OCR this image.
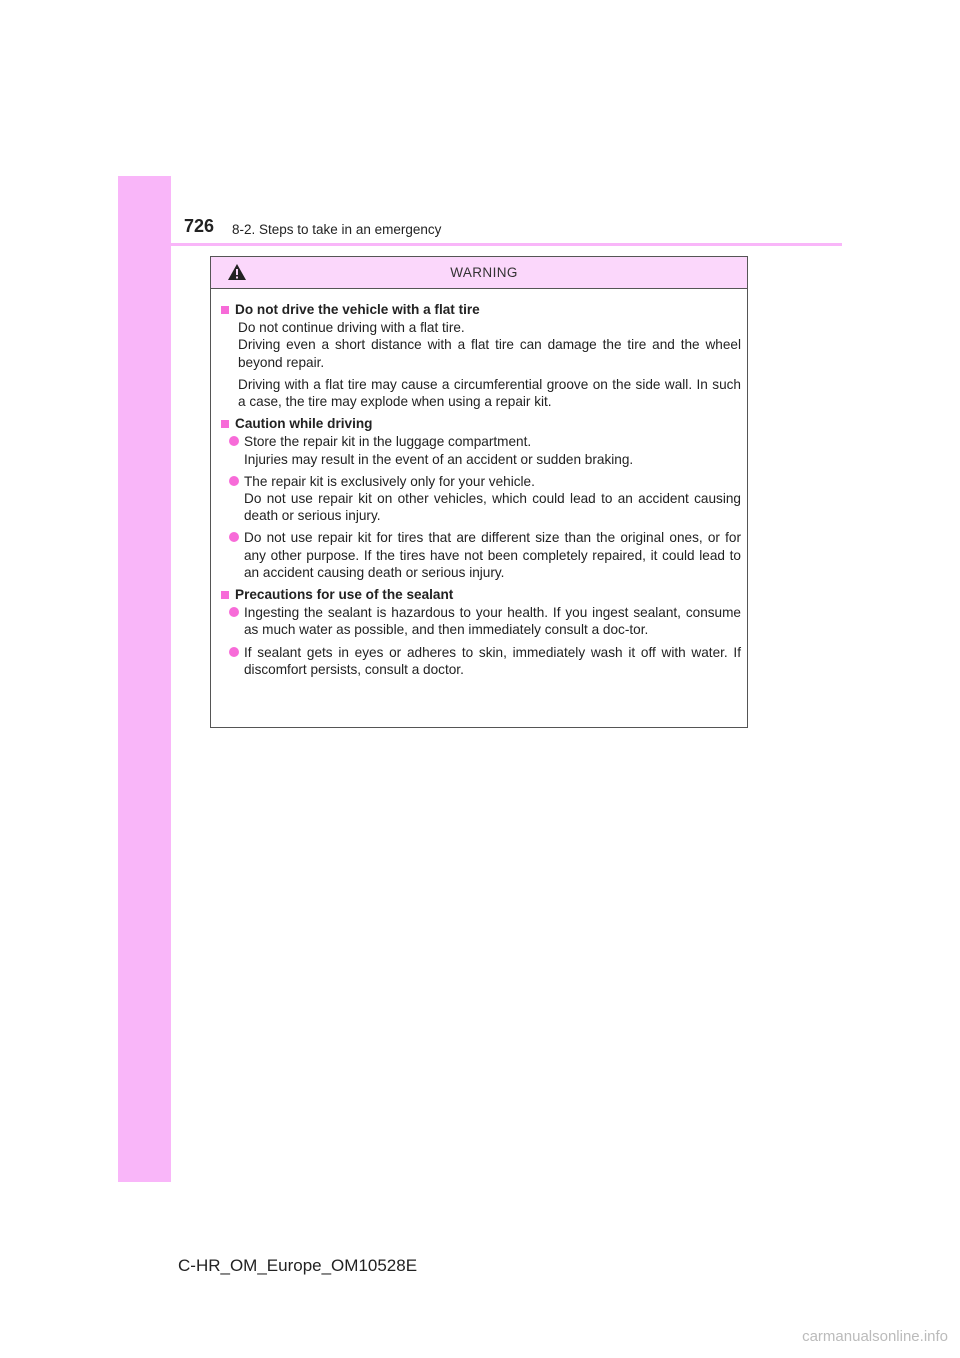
726 8-2. Steps to take in an emergency
WARNING
Do not drive the vehicle with a flat tire
Do not continue driving with a flat tire.
Driving even a short distance with a flat tire can damage the tire and the wheel beyond repair.
Driving with a flat tire may cause a circumferential groove on the side wall. In such a case, the tire may explode when using a repair kit.
Caution while driving
Store the repair kit in the luggage compartment.
Injuries may result in the event of an accident or sudden braking.
The repair kit is exclusively only for your vehicle.
Do not use repair kit on other vehicles, which could lead to an accident causing death or serious injury.
Do not use repair kit for tires that are different size than the original ones, or for any other purpose. If the tires have not been completely repaired, it could lead to an accident causing death or serious injury.
Precautions for use of the sealant
Ingesting the sealant is hazardous to your health. If you ingest sealant, consume as much water as possible, and then immediately consult a doc-tor.
If sealant gets in eyes or adheres to skin, immediately wash it off with water. If discomfort persists, consult a doctor.
C-HR_OM_Europe_OM10528E
carmanualsonline.info
